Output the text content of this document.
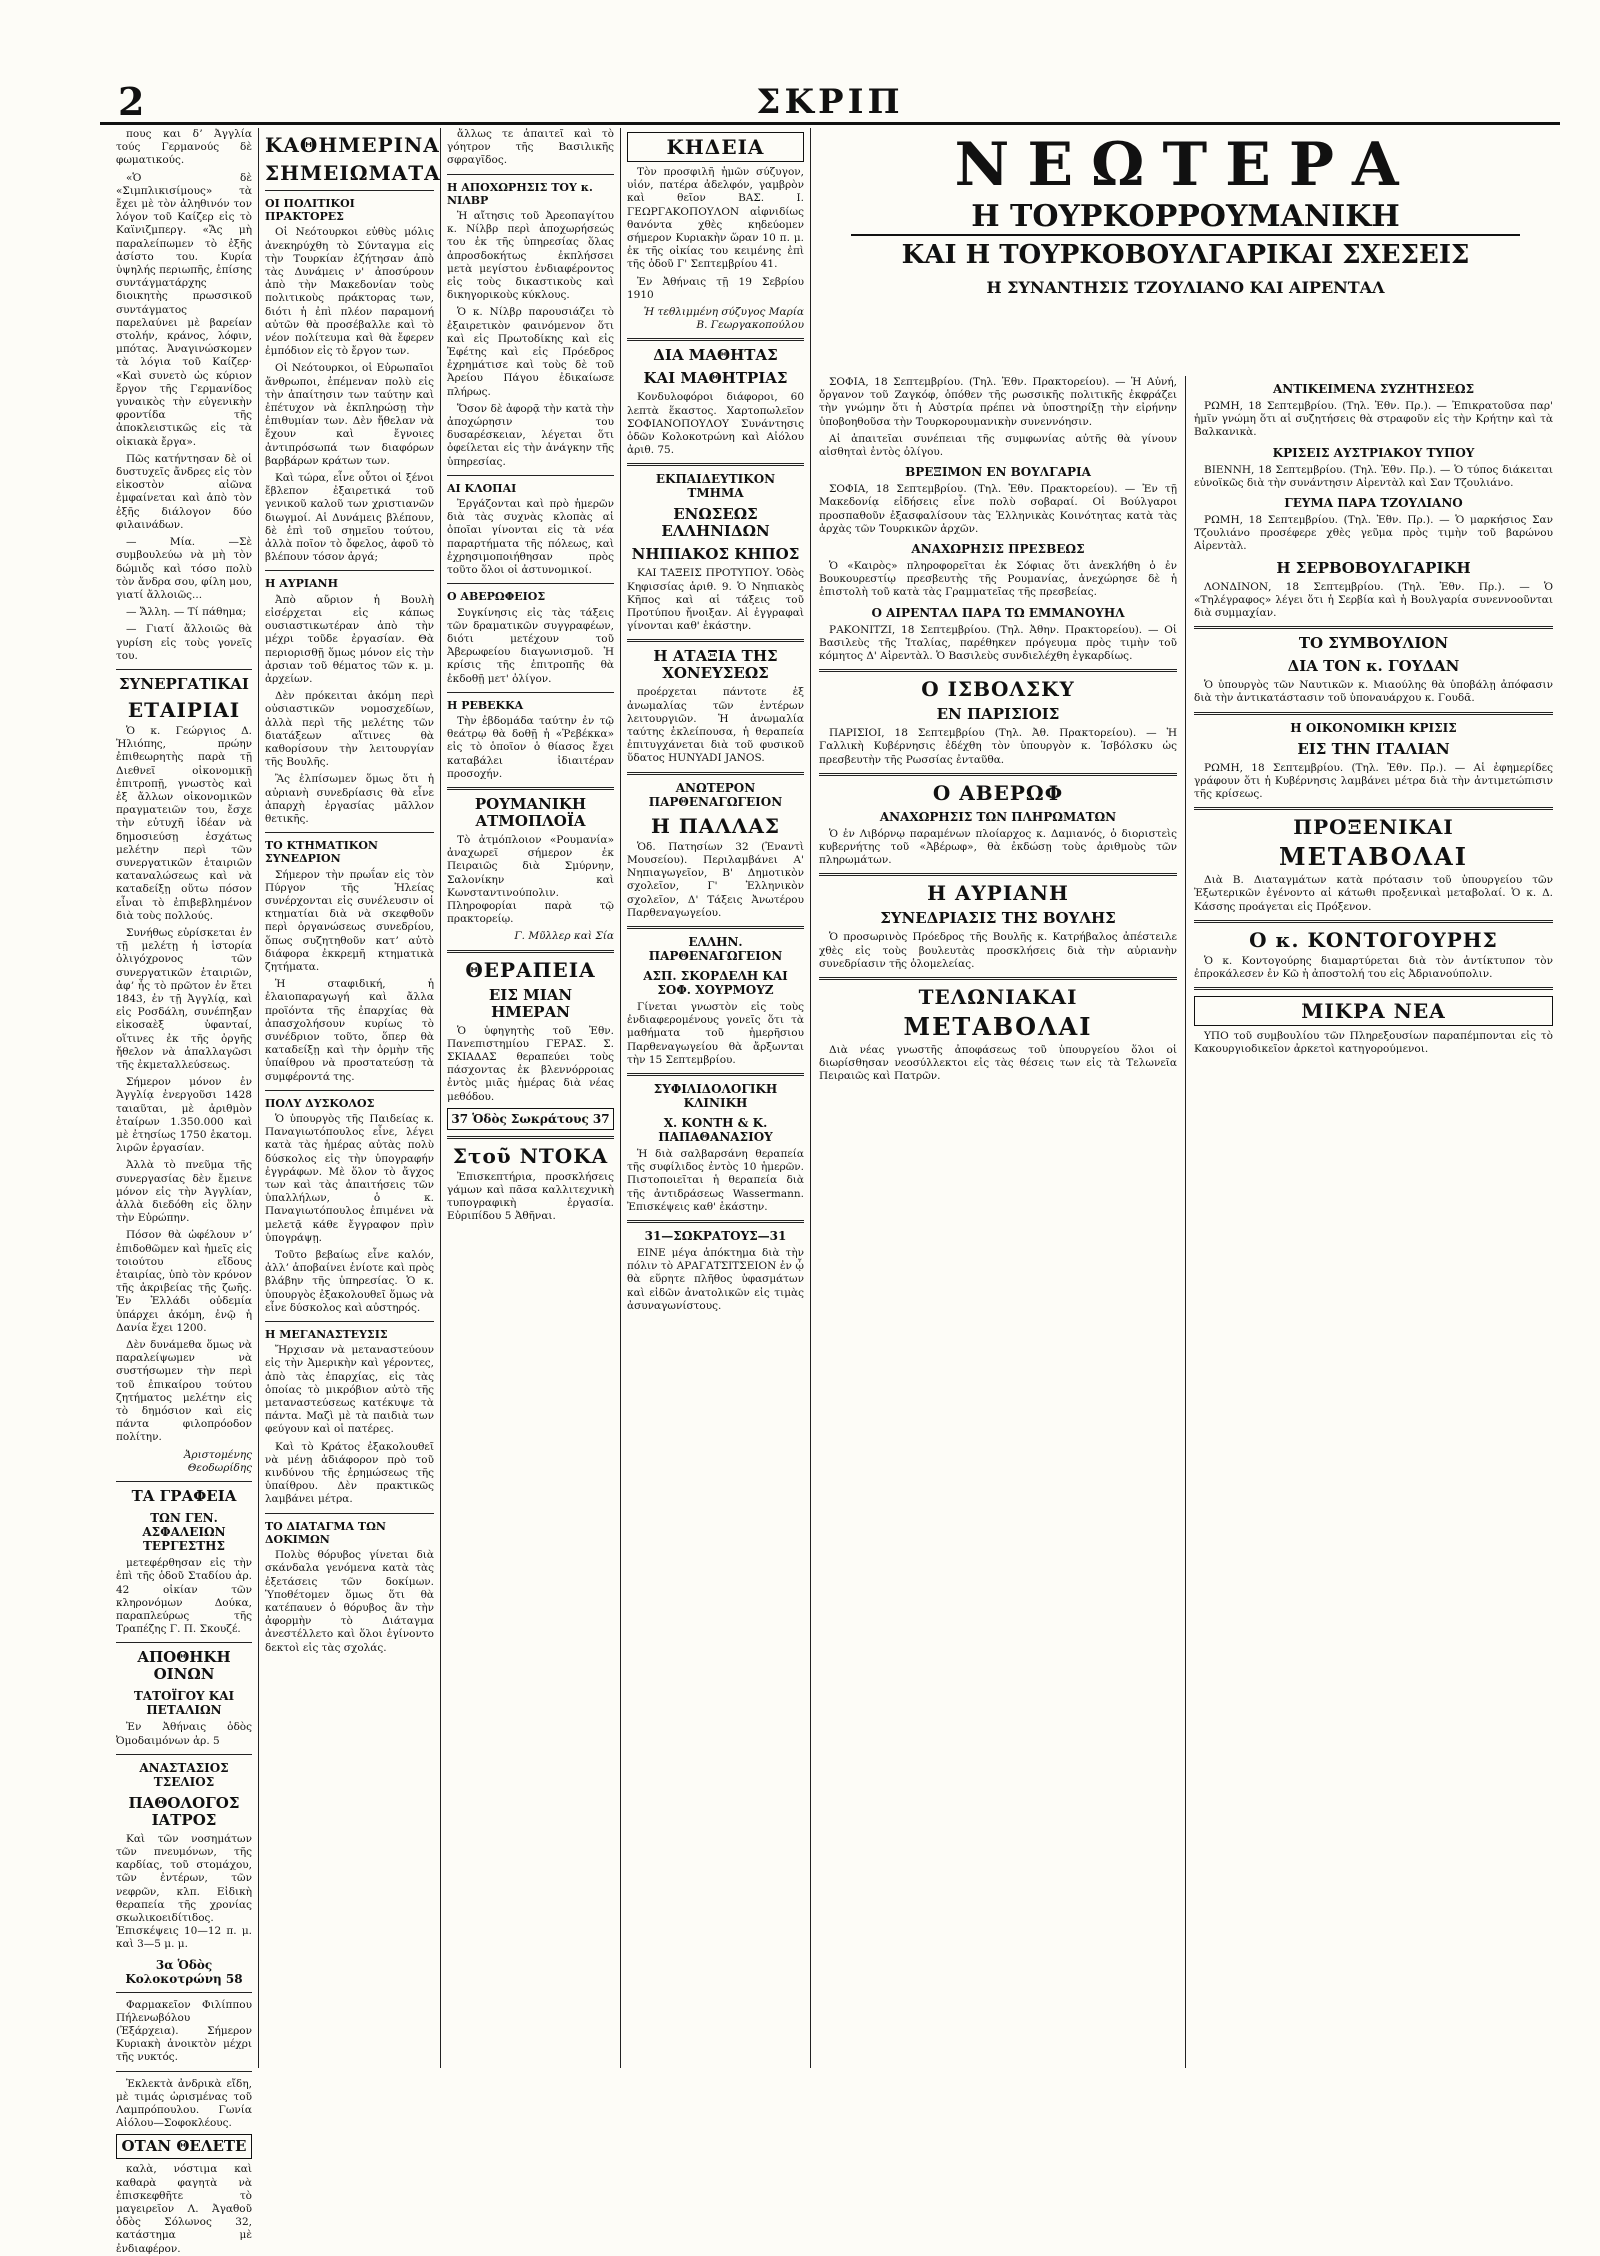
2	ΣΚΡΙΠ

πους και δʼ Ἀγγλία τούς Γερμανούς δὲ φωματικούς.

«Ὁ δὲ «Σιμπλικισίμους» τὰ ἔχει μὲ τὸν ἀληθινόν τον λόγον τοῦ Καίζερ εἰς τὸ Καϊνιζμπεργ. «Ἄς μὴ παραλείπωμεν τὸ ἐξῆς ἀσίστο του. Κυρία ὑψηλής περιωπῆς, ἐπίσης συντάγματάρχης διοικητὴς πρωσσικοῦ συντάγματος παρελαύνει μὲ βαρείαν στολήν, κράνος, λόφιν, μπότας. Ἀναγινώσκομεν τὰ λόγια τοῦ Καίζερ· «Καὶ συνετὸ ὡς κύριον ἔργον τῆς Γερμανίδος γυναικὸς τὴν εὐγενικὴν φροντίδα τῆς ἀποκλειστικῶς εἰς τὰ οἰκιακὰ ἔργα».

Πῶς κατήντησαν δὲ οἱ δυστυχεῖς ἄνδρες εἰς τὸν εἰκοστὸν αἰῶνα ἐμφαίνεται καὶ ἀπὸ τὸν ἐξῆς διάλογον δύο φιλαινάδων.

— Μία. —Σὲ συμβουλεύω νὰ μὴ τὸν δώμιὄς καὶ τόσο πολὺ τὸν ἄνδρα σου, φίλη μου, γιατί ἄλλοιῶς...

— Ἄλλη. — Τί πάθημα;

— Γιατί ἄλλοιῶς θὰ γυρίση εἰς τοὺς γονεῖς του.

ΣΥΝΕΡΓΑΤΙΚΑΙ
ΕΤΑΙΡΙΑΙ

Ὁ κ. Γεώργιος Δ. Ἠλιόπης, πρώην ἐπιθεωρητὴς παρὰ τῇ Διεθνεῖ οἰκονομικῇ ἐπιτροπῇ, γνωστὸς καὶ ἐξ ἄλλων οἰκονομικῶν πραγματειῶν του, ἔσχε τὴν εὐτυχῆ ἰδέαν νὰ δημοσιεύσῃ ἐσχάτως μελέτην περὶ τῶν συνεργατικῶν ἑταιριῶν καταναλώσεως καὶ νὰ καταδείξῃ οὕτω πόσον εἶναι τὸ ἐπιβεβλημένον διὰ τοὺς πολλούς.

Συνήθως εὑρίσκεται ἐν τῇ μελέτῃ ἡ ἱστορία ὀλιγόχρονος τῶν συνεργατικῶν ἑταιριῶν, ἀφʼ ἧς τὸ πρῶτον ἐν ἔτει 1843, ἐν τῇ Ἀγγλίᾳ, καὶ εἰς Ροσδάλη, συνέπηξαν εἰκοσαὲξ ὑφανταί, οἵτινες ἐκ τῆς ὀργῆς ἤθελον νὰ ἀπαλλαγῶσι τῆς ἐκμεταλλεύσεως.

Σήμερον μόνον ἐν Ἀγγλίᾳ ἐνεργοῦσι 1428 ταιαῦται, μὲ ἀριθμὸν ἑταίρων 1.350.000 καὶ μὲ ἐτησίως 1750 ἑκατομ. λιρῶν ἐργασίαν.

Ἀλλὰ τὸ πνεῦμα τῆς συνεργασίας δὲν ἔμεινε μόνον εἰς τὴν Ἀγγλίαν, ἀλλὰ διεδόθη εἰς ὅλην τὴν Εὐρώπην.

Πόσον θὰ ὠφέλουν νʼ ἐπιδοθῶμεν καὶ ἡμεῖς εἰς τοιούτου εἴδους ἑταιρίας, ὑπὸ τὸν κρόνον τῆς ἀκριβείας τῆς ζωῆς. Ἐν Ἑλλάδι οὐδεμία ὑπάρχει ἀκόμη, ἐνῷ ἡ Δανία ἔχει 1200.

Δὲν δυνάμεθα ὅμως νὰ παραλείψωμεν νὰ συστήσωμεν τὴν περὶ τοῦ ἐπικαίρου τούτου ζητήματος μελέτην εἰς τὸ δημόσιον καὶ εἰς πάντα φιλοπρόοδον πολίτην.

Ἀριστομένης Θεοδωρίδης

ΤΑ ΓΡΑΦΕΙΑ
ΤΩΝ ΓΕΝ. ΑΣΦΑΛΕΙΩΝ ΤΕΡΓΕΣΤΗΣ

μετεφέρθησαν εἰς τὴν ἐπὶ τῆς ὁδοῦ Σταδίου ἀρ. 42 οἰκίαν τῶν κληρονόμων Δούκα, παραπλεύρως τῆς Τραπέζης Γ. Π. Σκουζέ.

ΑΠΟΘΗΚΗ ΟΙΝΩΝ
ΤΑΤΟΪΓΟΥ ΚΑΙ ΠΕΤΑΛΙΩΝ

Ἐν Ἀθήναις ὁδὸς Ὀμοδαιμόνων ἀρ. 5

ΑΝΑΣΤΑΣΙΟΣ ΤΣΕΛΙΟΣ
ΠΑΘΟΛΟΓΟΣ ΙΑΤΡΟΣ

Καὶ τῶν νοσημάτων τῶν πνευμόνων, τῆς καρδίας, τοῦ στομάχου, τῶν ἐντέρων, τῶν νεφρῶν, κλπ. Εἰδικὴ θεραπεία τῆς χρονίας σκωλικοειδίτιδος. Ἐπισκέψεις 10—12 π. μ. καὶ 3—5 μ. μ.

3α Ὁδὸς Κολοκοτρώνη 58

Φαρμακεῖον Φιλίππου Πήλενωβόλου (Ἐξάρχεια). Σήμερον Κυριακὴ ἀνοικτὸν μέχρι τῆς νυκτός.

Ἐκλεκτὰ ἀνδρικὰ εἴδη, μὲ τιμάς ὡρισμένας τοῦ Λαμπρόπουλου. Γωνία Αἰόλου—Σοφοκλέους.

ΟΤΑΝ ΘΕΛΕΤΕ

καλὰ, νόστιμα καὶ καθαρὰ φαγητὰ νὰ ἐπισκεφθῆτε τὸ μαγειρεῖον Λ. Ἀγαθοῦ ὁδὸς Σόλωνος 32, κατάστημα μὲ ἐνδιαφέρον.

ΚΑΘΗΜΕΡΙΝΑ
ΣΗΜΕΙΩΜΑΤΑ
ΟΙ ΠΟΛΙΤΙΚΟΙ ΠΡΑΚΤΟΡΕΣ

Οἱ Νεότουρκοι εὐθὺς μόλις ἀνεκηρύχθη τὸ Σύνταγμα εἰς τὴν Τουρκίαν ἐζήτησαν ἀπὸ τὰς Δυνάμεις ν' ἀποσύρουν ἀπὸ τὴν Μακεδονίαν τοὺς πολιτικοὺς πράκτορας των, διότι ἡ ἐπὶ πλέον παραμονή αὐτῶν θὰ προσέβαλλε καὶ τὸ νέον πολίτευμα καὶ θὰ ἔφερεν ἐμπόδιον εἰς τὸ ἔργον των.

Οἱ Νεότουρκοι, οἱ Εὐρωπαῖοι ἄνθρωποι, ἐπέμεναν πολὺ εἰς τὴν ἀπαίτησιν των ταύτην καὶ ἐπέτυχον νὰ ἐκπληρώσῃ τὴν ἐπιθυμίαν των. Δὲν ἤθελαν νὰ ἔχουν καὶ ἔγνοιες ἀντιπρόσωπά των διαφόρων βαρβάρων κράτων των.

Καὶ τώρα, εἶνε οὗτοι οἱ ξένοι ἔβλεπον ἐξαιρετικά τοῦ γενικοῦ καλοῦ των χριστιανῶν διωγμοί. Αἱ Δυνάμεις βλέπουν, δὲ ἐπὶ τοῦ σημεῖου τούτου, ἀλλὰ ποῖον τὸ ὄφελος, ἀφοῦ τὸ βλέπουν τόσον ἀργά;

Η ΑΥΡΙΑΝΗ

Ἀπὸ αὔριον ἡ Βουλὴ εἰσέρχεται εἰς κάπως ουσιαστικωτέραν ἀπὸ τὴν μέχρι τοῦδε ἐργασίαν. Θὰ περιορισθῇ ὅμως μόνον εἰς τὴν ἀρσιαν τοῦ θέματος τῶν κ. μ. ἀρχείων.

Δὲν πρόκειται ἀκόμη περὶ οὐσιαστικῶν νομοσχεδίων, ἀλλὰ περὶ τῆς μελέτης τῶν διατάξεων αἵτινες θὰ καθορίσουν τὴν λειτουργίαν τῆς Βουλῆς.

Ἂς ἐλπίσωμεν ὅμως ὅτι ἡ αὐριανὴ συνεδρίασις θὰ εἶνε ἀπαρχὴ ἐργασίας μᾶλλον θετικῆς.

ΤΟ ΚΤΗΜΑΤΙΚΟΝ ΣΥΝΕΔΡΙΟΝ

Σήμερον τὴν πρωΐαν εἰς τὸν Πύργον τῆς Ἠλείας συνέρχονται εἰς συνέλευσιν οἱ κτηματίαι διὰ νὰ σκεφθοῦν περὶ ὀργανώσεως συνεδρίου, ὅπως συζητηθοῦν κατʼ αὐτὸ διάφορα ἐκκρεμῆ κτηματικὰ ζητήματα.

Ἡ σταφιδική, ἡ ἐλαιοπαραγωγή καὶ ἄλλα προϊόντα τῆς ἐπαρχίας θὰ ἀπασχολήσουν κυρίως τὸ συνέδριον τοῦτο, ὅπερ θὰ καταδείξῃ καὶ τὴν ὁρμὴν τῆς ὑπαίθρου νὰ προστατεύσῃ τὰ συμφέροντά της.

ΠΟΛΥ ΔΥΣΚΟΛΟΣ

Ὁ ὑπουργὸς τῆς Παιδείας κ. Παναγιωτόπουλος εἶνε, λέγει κατὰ τὰς ἡμέρας αὐτὰς πολὺ δύσκολος εἰς τὴν ὑπογραφήν ἐγγράφων. Μὲ ὅλον τὸ ἄγχος των καὶ τὰς ἀπαιτήσεις τῶν ὑπαλλήλων, ὁ κ. Παναγιωτόπουλος ἐπιμένει νὰ μελετᾷ κάθε ἔγγραφον πρὶν ὑπογράψῃ.

Τοῦτο βεβαίως εἶνε καλόν, ἀλλʼ ἀποβαίνει ἐνίοτε καὶ πρὸς βλάβην τῆς ὑπηρεσίας. Ὁ κ. ὑπουργὸς ἐξακολουθεῖ ὅμως νὰ εἶνε δύσκολος καὶ αὐστηρός.

Η ΜΕΓΑΝΑΣΤΕΥΣΙΣ

Ἤρχισαν νὰ μεταναστεύουν εἰς τὴν Ἀμερικὴν καὶ γέροντες, ἀπὸ τὰς ἐπαρχίας, εἰς τὰς ὁποίας τὸ μικρόβιον αὐτὸ τῆς μεταναστεύσεως κατέκυψε τὰ πάντα. Μαζὶ μὲ τὰ παιδιὰ των φεύγουν καὶ οἱ πατέρες.

Καὶ τὸ Κράτος ἐξακολουθεῖ νὰ μένῃ ἀδιάφορον πρὸ τοῦ κινδύνου τῆς ἐρημώσεως τῆς ὑπαίθρου. Δὲν πρακτικῶς λαμβάνει μέτρα.

ΤΟ ΔΙΑΤΑΓΜΑ ΤΩΝ ΔΟΚΙΜΩΝ

Πολὺς θόρυβος γίνεται διὰ σκάνδαλα γενόμενα κατὰ τὰς ἐξετάσεις τῶν δοκίμων. Ὑποθέτομεν ὅμως ὅτι θὰ κατέπαυεν ὁ θόρυβος ἂν τὴν ἀφορμὴν τὸ Διάταγμα ἀνεστέλλετο καὶ ὅλοι ἐγίνοντο δεκτοὶ εἰς τὰς σχολάς.

ἄλλως τε ἀπαιτεῖ καὶ τὸ γόητρον τῆς Βασιλικῆς σφραγῖδος.

Η ΑΠΟΧΩΡΗΣΙΣ ΤΟΥ κ. ΝΙΛΒΡ

Ἡ αἴτησις τοῦ Ἀρεοπαγίτου κ. Νίλβρ περὶ ἀποχωρήσεώς του ἐκ τῆς ὑπηρεσίας ὅλας ἀπροσδοκήτως ἐκπλήσσει μετὰ μεγίστου ἐνδιαφέροντος εἰς τοὺς δικαστικοὺς καὶ δικηγορικοὺς κύκλους.

Ὁ κ. Νίλβρ παρουσιάζει τὸ ἐξαιρετικὸν φαινόμενον ὅτι καὶ εἰς Πρωτοδίκης καὶ εἰς Ἐφέτης καὶ εἰς Πρόεδρος ἐχρημάτισε καὶ τοὺς δὲ τοῦ Ἀρείου Πάγου ἐδικαίωσε πλήρως.

Ὅσον δὲ ἀφορᾷ τὴν κατὰ τὴν ἀποχώρησιν του δυσαρέσκειαν, λέγεται ὅτι ὀφείλεται εἰς τὴν ἀνάγκην τῆς ὑπηρεσίας.

ΑΙ ΚΛΟΠΑΙ

Ἐργάζονται καὶ πρὸ ἡμερῶν διὰ τὰς συχνὰς κλοπὰς αἱ ὁποῖαι γίνονται εἰς τὰ νέα παραρτήματα τῆς πόλεως, καὶ ἐχρησιμοποιήθησαν πρὸς τοῦτο ὅλοι οἱ ἀστυνομικοί.

Ο ΑΒΕΡΩΦΕΙΟΣ

Συγκίνησις εἰς τὰς τάξεις τῶν δραματικῶν συγγραφέων, διότι μετέχουν τοῦ Ἀβερωφείου διαγωνισμοῦ. Ἡ κρίσις τῆς ἐπιτροπῆς θὰ ἐκδοθῇ μετ' ὀλίγον.

Η ΡΕΒΕΚΚΑ

Τὴν ἐβδομάδα ταύτην ἐν τῷ θεάτρῳ θὰ δοθῇ ἡ «Ῥεβέκκα» εἰς τὸ ὁποῖον ὁ θίασος ἔχει καταβάλει ἰδιαιτέραν προσοχήν.

ΡΟΥΜΑΝΙΚΗ ΑΤΜΟΠΛΟΪΑ

Τὸ ἀτμόπλοιον «Ρουμανία» ἀναχωρεῖ σήμερον ἐκ Πειραιῶς διὰ Σμύρνην, Σαλονίκην καὶ Κωνσταντινούπολιν. Πληροφορίαι παρὰ τῷ πρακτορείῳ.

Γ. Μῦλλερ καὶ Σία

ΘΕΡΑΠΕΙΑ
ΕΙΣ ΜΙΑΝ ΗΜΕΡΑΝ

Ὁ ὑφηγητὴς τοῦ Ἐθν. Πανεπιστημίου ΓΕΡΑΣ. Σ. ΣΚΙΑΔΑΣ θεραπεύει τοὺς πάσχοντας ἐκ βλεννόρροιας ἐντὸς μιᾶς ἡμέρας διὰ νέας μεθόδου.

37 Ὁδὸς Σωκράτους 37
Στοῦ ΝΤΟΚΑ

Ἐπισκεπτήρια, προσκλήσεις γάμων καὶ πᾶσα καλλιτεχνικὴ τυπογραφικὴ ἐργασία. Εὐριπίδου 5 Ἀθῆναι.

ΚΗΔΕΙΑ

Τὸν προσφιλῆ ἡμῶν σύζυγον, υἱόν, πατέρα ἀδελφόν, γαμβρὸν καὶ θεῖον ΒΑΣ. Ι. ΓΕΩΡΓΑΚΟΠΟΥΛΟΝ αἰφνιδίως θανόντα χθὲς κηδεύομεν σήμερον Κυριακὴν ὥραν 10 π. μ. ἐκ τῆς οἰκίας του κειμένης ἐπὶ τῆς ὁδοῦ Γ' Σεπτεμβρίου 41.

Ἐν Ἀθήναις τῇ 19 Σεβρίου 1910

Ἡ τεθλιμμένη σύζυγος Μαρία Β. Γεωργακοπούλου

ΔΙΑ ΜΑΘΗΤΑΣ
ΚΑΙ ΜΑΘΗΤΡΙΑΣ

Κονδυλοφόροι διάφοροι, 60 λεπτὰ ἕκαστος. Χαρτοπωλεῖον ΣΟΦΙΑΝΟΠΟΥΛΟΥ Συνάντησις ὁδῶν Κολοκοτρώνη καὶ Αἰόλου ἀριθ. 75.

ΕΚΠΑΙΔΕΥΤΙΚΟΝ ΤΜΗΜΑ
ΕΝΩΣΕΩΣ ΕΛΛΗΝΙΔΩΝ
ΝΗΠΙΑΚΟΣ ΚΗΠΟΣ

ΚΑΙ ΤΑΞΕΙΣ ΠΡΟΤΥΠΟΥ. Ὁδὸς Κηφισσίας ἀριθ. 9. Ὁ Νηπιακὸς Κῆπος καὶ αἱ τάξεις τοῦ Προτύπου ἤνοιξαν. Αἱ ἐγγραφαὶ γίνονται καθ' ἑκάστην.

Η ΑΤΑΞΙΑ ΤΗΣ ΧΟΝΕΥΣΕΩΣ

προέρχεται πάντοτε ἐξ ἀνωμαλίας τῶν ἐντέρων λειτουργιῶν. Ἡ ἀνωμαλία ταύτης ἐκλείπουσα, ἡ θεραπεία ἐπιτυγχάνεται διὰ τοῦ φυσικοῦ ὕδατος HUNYADI JANOS.

ΑΝΩΤΕΡΟΝ ΠΑΡΘΕΝΑΓΩΓΕΙΟΝ
Η ΠΑΛΛΑΣ

Ὁδ. Πατησίων 32 (Ἐναντὶ Μουσείου). Περιλαμβάνει Α' Νηπιαγωγεῖον, Β' Δημοτικὸν σχολεῖον, Γ' Ἑλληνικὸν σχολεῖον, Δ' Τάξεις Ἀνωτέρου Παρθεναγωγείου.

ΕΛΛΗΝ. ΠΑΡΘΕΝΑΓΩΓΕΙΟΝ
ΑΣΠ. ΣΚΟΡΔΕΛΗ ΚΑΙ ΣΟΦ. ΧΟΥΡΜΟΥΖ

Γίνεται γνωστὸν εἰς τοὺς ἐνδιαφερομένους γονεῖς ὅτι τὰ μαθήματα τοῦ ἡμερῆσιου Παρθεναγωγείου θὰ ἄρξωνται τὴν 15 Σεπτεμβρίου.

ΣΥΦΙΛΙΔΟΛΟΓΙΚΗ ΚΛΙΝΙΚΗ
Χ. ΚΟΝΤΗ & Κ. ΠΑΠΑΘΑΝΑΣΙΟΥ

Ἡ διὰ σαλβαρσάνη θεραπεία τῆς συφίλιδος ἐντὸς 10 ἡμερῶν. Πιστοποιεῖται ἡ θεραπεία διὰ τῆς ἀντιδράσεως Wassermann. Ἐπισκέψεις καθ' ἑκάστην.

31—ΣΩΚΡΑΤΟΥΣ—31

ΕΙΝΕ μέγα ἀπόκτημα διὰ τὴν πόλιν τὸ ΑΡΑΓΑΤΣΙΤΣΕΙΟΝ ἐν ᾧ θὰ εὕρητε πλῆθος ὑφασμάτων καὶ εἰδῶν ἀνατολικῶν εἰς τιμὰς ἀσυναγωνίστους.

ΝΕΩΤΕΡΑ
Η ΤΟΥΡΚΟΡΡΟΥΜΑΝΙΚΗ
ΚΑΙ Η ΤΟΥΡΚΟΒΟΥΛΓΑΡΙΚΑΙ ΣΧΕΣΕΙΣ
Η ΣΥΝΑΝΤΗΣΙΣ ΤΖΟΥΛΙΑΝΟ ΚΑΙ ΑΙΡΕΝΤΑΛ

ΣΟΦΙΑ, 18 Σεπτεμβρίου. (Τηλ. Ἐθν. Πρακτορείου). — Ἡ Αὐνή, ὄργανον τοῦ Ζαγκόφ, ὁπόθεν τῆς ρωσσικῆς πολιτικῆς ἐκφράζει τὴν γνώμην ὅτι ἡ Αὐστρία πρέπει νὰ ὑποστηρίξῃ τὴν εἰρήνην ὑποβοηθοῦσα τὴν Τουρκορουμανικὴν συνεννόησιν.

Αἱ ἀπαιτεῖαι συνέπειαι τῆς συμφωνίας αὐτῆς θὰ γίνουν αἰσθηταὶ ἐντὸς ὀλίγου.

ΒΡΕΞΙΜΟΝ ΕΝ ΒΟΥΛΓΑΡΙΑ

ΣΟΦΙΑ, 18 Σεπτεμβρίου. (Τηλ. Ἐθν. Πρακτορείου). — Ἐν τῇ Μακεδονίᾳ εἰδήσεις εἶνε πολὺ σοβαραί. Οἱ Βούλγαροι προσπαθοῦν ἐξασφαλίσουν τὰς Ἐλληνικὰς Κοινότητας κατὰ τὰς ἀρχὰς τῶν Τουρκικῶν ἀρχῶν.

ΑΝΑΧΩΡΗΣΙΣ ΠΡΕΣΒΕΩΣ

Ὁ «Καιρὸς» πληροφορεῖται ἐκ Σόφιας ὅτι ἀνεκλήθη ὁ ἐν Βουκουρεστίῳ πρεσβευτὴς τῆς Ρουμανίας, ἀνεχώρησε δὲ ἡ ἐπιστολὴ τοῦ κατὰ τὰς Γραμματεῖας τῆς πρεσβείας.

Ο ΑΙΡΕΝΤΑΛ ΠΑΡΑ ΤΩ ΕΜΜΑΝΟΥΗΛ

ΡΑΚΟΝΙΤΖΙ, 18 Σεπτεμβρίου. (Τηλ. Ἀθην. Πρακτορείου). — Οἱ Βασιλεὺς τῆς Ἰταλίας, παρέθηκεν πρόγευμα πρὸς τιμὴν τοῦ κόμητος Δ' Αἰρεντὰλ. Ὁ Βασιλεὺς συνδιελέχθη ἐγκαρδίως.

Ο ΙΣΒΟΛΣΚΥ
ΕΝ ΠΑΡΙΣΙΟΙΣ

ΠΑΡΙΣΙΟΙ, 18 Σεπτεμβρίου (Τηλ. Ἀθ. Πρακτορείου). — Ἡ Γαλλικὴ Κυβέρνησις ἐδέχθη τὸν ὑπουργὸν κ. Ἰσβόλσκυ ὡς πρεσβευτὴν τῆς Ρωσσίας ἐνταῦθα.

Ο ΑΒΕΡΩΦ
ΑΝΑΧΩΡΗΣΙΣ ΤΩΝ ΠΛΗΡΩΜΑΤΩΝ

Ὁ ἐν Λιβόρνῳ παραμένων πλοίαρχος κ. Δαμιανός, ὁ διοριστεὶς κυβερνήτης τοῦ «Ἀβέρωφ», θὰ ἐκδώσῃ τοὺς ἀριθμοὺς τῶν πληρωμάτων.

Η ΑΥΡΙΑΝΗ
ΣΥΝΕΔΡΙΑΣΙΣ ΤΗΣ ΒΟΥΛΗΣ

Ὁ προσωρινὸς Πρόεδρος τῆς Βουλῆς κ. Κατρήβαλος ἀπέστειλε χθὲς εἰς τοὺς βουλευτὰς προσκλήσεις διὰ τὴν αὐριανὴν συνεδρίασιν τῆς ὁλομελείας.

ΤΕΛΩΝΙΑΚΑΙ
ΜΕΤΑΒΟΛΑΙ

Διὰ νέας γνωστῆς ἀποφάσεως τοῦ ὑπουργείου ὅλοι οἱ διωρίσθησαν νεοσύλλεκτοι εἰς τὰς θέσεις των εἰς τὰ Τελωνεῖα Πειραιῶς καὶ Πατρῶν.

ΑΝΤΙΚΕΙΜΕΝΑ ΣΥΖΗΤΗΣΕΩΣ

ΡΩΜΗ, 18 Σεπτεμβρίου. (Τηλ. Ἐθν. Πρ.). — Ἐπικρατοῦσα παρ' ἡμῖν γνώμη ὅτι αἱ συζητήσεις θὰ στραφοῦν εἰς τὴν Κρήτην καὶ τὰ Βαλκανικὰ.

ΚΡΙΣΕΙΣ ΑΥΣΤΡΙΑΚΟΥ ΤΥΠΟΥ

ΒΙΕΝΝΗ, 18 Σεπτεμβρίου. (Τηλ. Ἐθν. Πρ.). — Ὁ τύπος διάκειται εὐνοϊκῶς διὰ τὴν συνάντησιν Αἰρεντὰλ καὶ Σαν Τζουλιάνο.

ΓΕΥΜΑ ΠΑΡΑ ΤΖΟΥΛΙΑΝΟ

ΡΩΜΗ, 18 Σεπτεμβρίου. (Τηλ. Ἐθν. Πρ.). — Ὁ μαρκήσιος Σαν Τζουλιάνο προσέφερε χθὲς γεῦμα πρὸς τιμὴν τοῦ βαρώνου Αἰρεντὰλ.

Η ΣΕΡΒΟΒΟΥΛΓΑΡΙΚΗ

ΛΟΝΔΙΝΟΝ, 18 Σεπτεμβρίου. (Τηλ. Ἐθν. Πρ.). — Ὁ «Τηλέγραφος» λέγει ὅτι ἡ Σερβία καὶ ἡ Βουλγαρία συνεννοοῦνται διὰ συμμαχίαν.

ΤΟ ΣΥΜΒΟΥΛΙΟΝ
ΔΙΑ ΤΟΝ κ. ΓΟΥΔΑΝ

Ὁ ὑπουργὸς τῶν Ναυτικῶν κ. Μιαούλης θὰ ὑποβάλῃ ἀπόφασιν διὰ τὴν ἀντικατάστασιν τοῦ ὑποναυάρχου κ. Γουδᾶ.

Η ΟΙΚΟΝΟΜΙΚΗ ΚΡΙΣΙΣ
ΕΙΣ ΤΗΝ ΙΤΑΛΙΑΝ

ΡΩΜΗ, 18 Σεπτεμβρίου. (Τηλ. Ἐθν. Πρ.). — Αἱ ἐφημερίδες γράφουν ὅτι ἡ Κυβέρνησις λαμβάνει μέτρα διὰ τὴν ἀντιμετώπισιν τῆς κρίσεως.

ΠΡΟΞΕΝΙΚΑΙ
ΜΕΤΑΒΟΛΑΙ

Διὰ Β. Διαταγμάτων κατὰ πρότασιν τοῦ ὑπουργείου τῶν Ἐξωτερικῶν ἐγένοντο αἱ κάτωθι προξενικαὶ μεταβολαί. Ὁ κ. Δ. Κάσσης προάγεται εἰς Πρόξενον.

Ο κ. ΚΟΝΤΟΓΟΥΡΗΣ

Ὁ κ. Κοντογούρης διαμαρτύρεται διὰ τὸν ἀντίκτυπον τὸν ἐπροκάλεσεν ἐν Κῶ ἡ ἀποστολή του εἰς Ἀδριανούπολιν.

ΜΙΚΡΑ ΝΕΑ

ΥΠΟ τοῦ συμβουλίου τῶν Πληρεξουσίων παραπέμπονται εἰς τὸ Κακουργιοδικεῖον ἀρκετοὶ κατηγορούμενοι.
